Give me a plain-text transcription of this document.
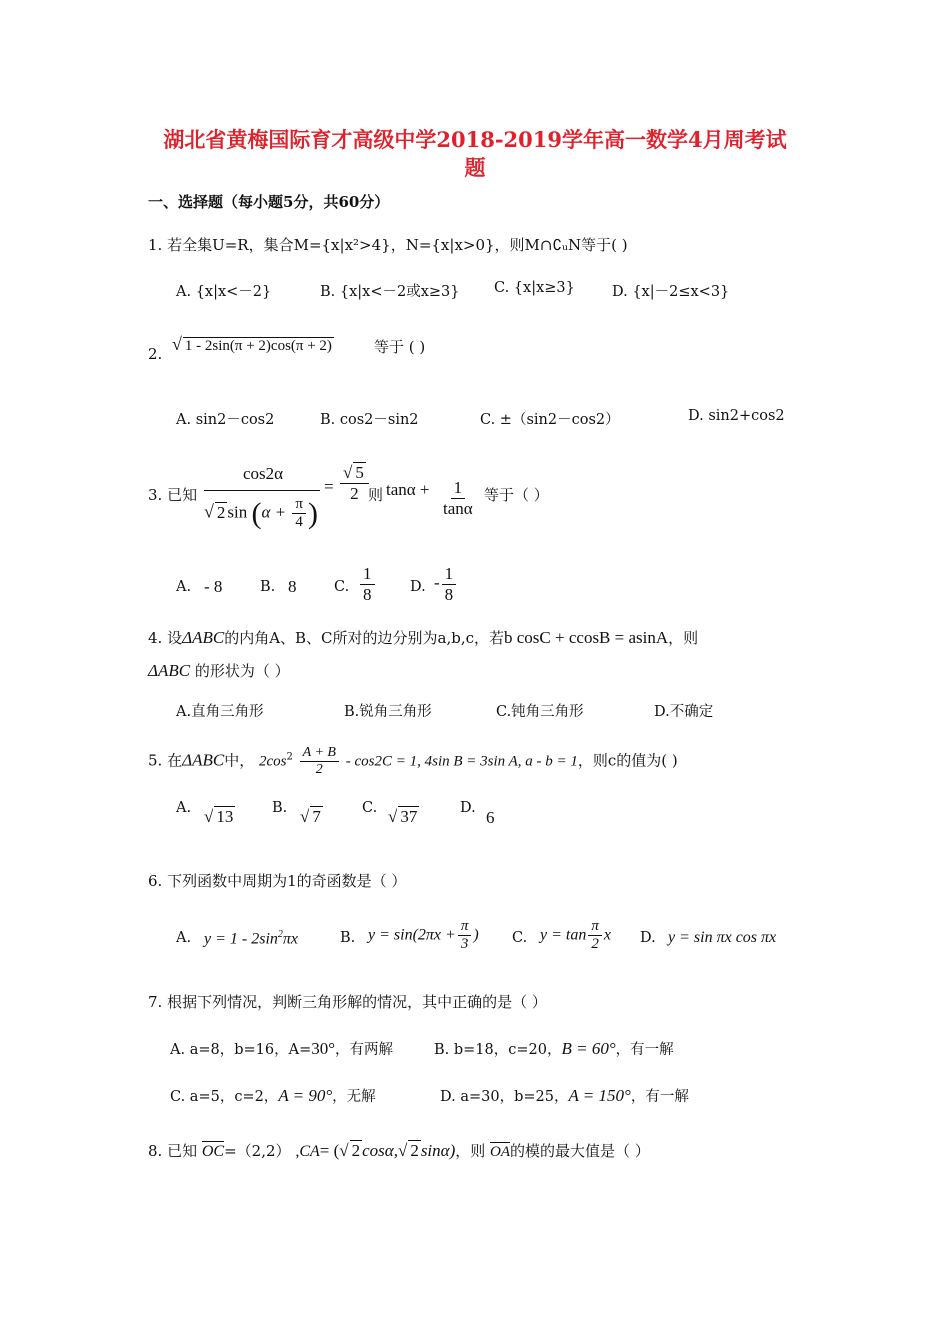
湖北省黄梅国际育才高级中学2018-2019学年高一数学4月周考试
题
一、选择题（每小题5分，共60分）
1. 若全集U=R，集合M={x|x²>4}，N={x|x>0}，则M∩∁ᵤN等于( )
A. {x|x<－2}	B. {x|x<－2或x≥3} C. {x|x≥3}	D. {x|－2≤x<3}
2. √ 1 - 2sin(π + 2)cos(π + 2)	等于 ( )
A. sin2－cos2	B. cos2－sin2	C. ±（sin2－cos2）	D. sin2+cos2
3. 已知
cos2α
√ 2 $\sin (\alpha + \frac{\pi}{4}$ )
= $\frac{√ 5}{2}$ 则 $\tan\alpha + \frac{1}{\tan\alpha}$ 等于（ ）
A. - 8	B. 8	C. $\frac{1}{8} D$. - $\frac{1}{8}$
4. 设ΔABC的内角A、B、C所对的边分别为a,b,c，若b cosC + ccosB = asinA，则
ΔABC 的形状为（ ）
A.直角三角形	B.锐角三角形	C.钝角三角形	D.不确定
5. 在ΔABC中， $2\cos^2 \frac{A + B}{2} - \cos 2C = 1$, 4sin B = 3sin A, a - b = 1，则c的值为( )
A. √ 13	B. √ 7	C. √ 37	D. 6
6. 下列函数中周期为1的奇函数是（ ）
A. $y = 1 - 2\sin^2\pi x$	B. $y = \sin(2\pi x + \frac{\pi}{3}$ ) C. $y = \tan \frac{\pi}{2}$ x D. y = sin πx cos πx
7. 根据下列情况，判断三角形解的情况，其中正确的是（ ）
A. a=8，b=16，A=30°，有两解	B. b=18，c=20，B = 60°，有一解
C. a=5，c=2，A = 90°，无解	D. a=30，b=25，A = 150°，有一解
8. 已知 OC=（2,2） ,CA= (√ 2 cosα,√ 2 sinα)，则 OA的模的最大值是（ ）
